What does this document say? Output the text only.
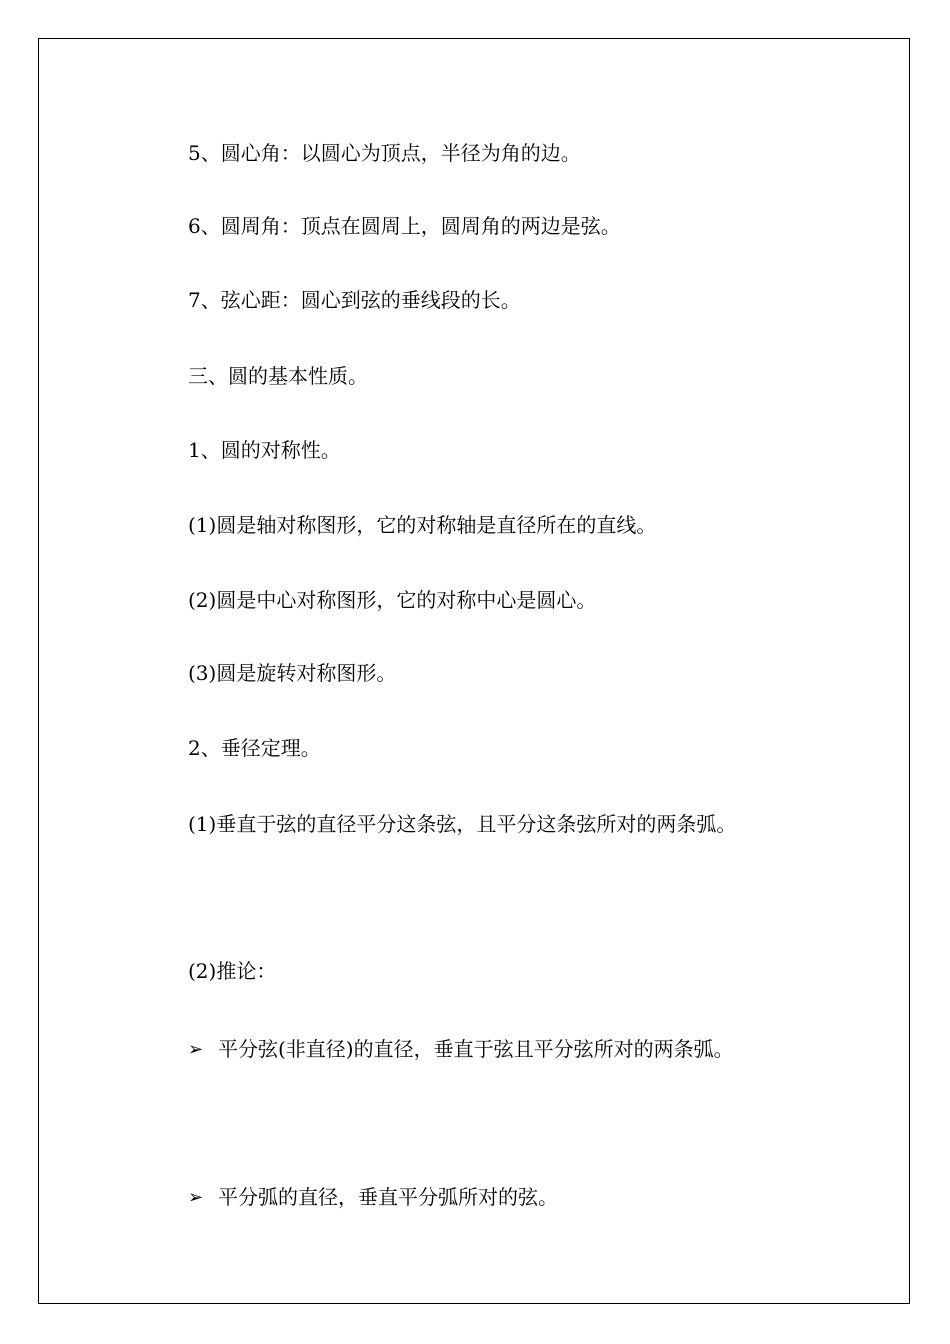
5、圆心角：以圆心为顶点，半径为角的边。
6、圆周角：顶点在圆周上，圆周角的两边是弦。
7、弦心距：圆心到弦的垂线段的长。
三、圆的基本性质。
1、圆的对称性。
(1)圆是轴对称图形，它的对称轴是直径所在的直线。
(2)圆是中心对称图形，它的对称中心是圆心。
(3)圆是旋转对称图形。
2、垂径定理。
(1)垂直于弦的直径平分这条弦，且平分这条弦所对的两条弧。
(2)推论：
➢ 平分弦(非直径)的直径，垂直于弦且平分弦所对的两条弧。
➢ 平分弧的直径，垂直平分弧所对的弦。
